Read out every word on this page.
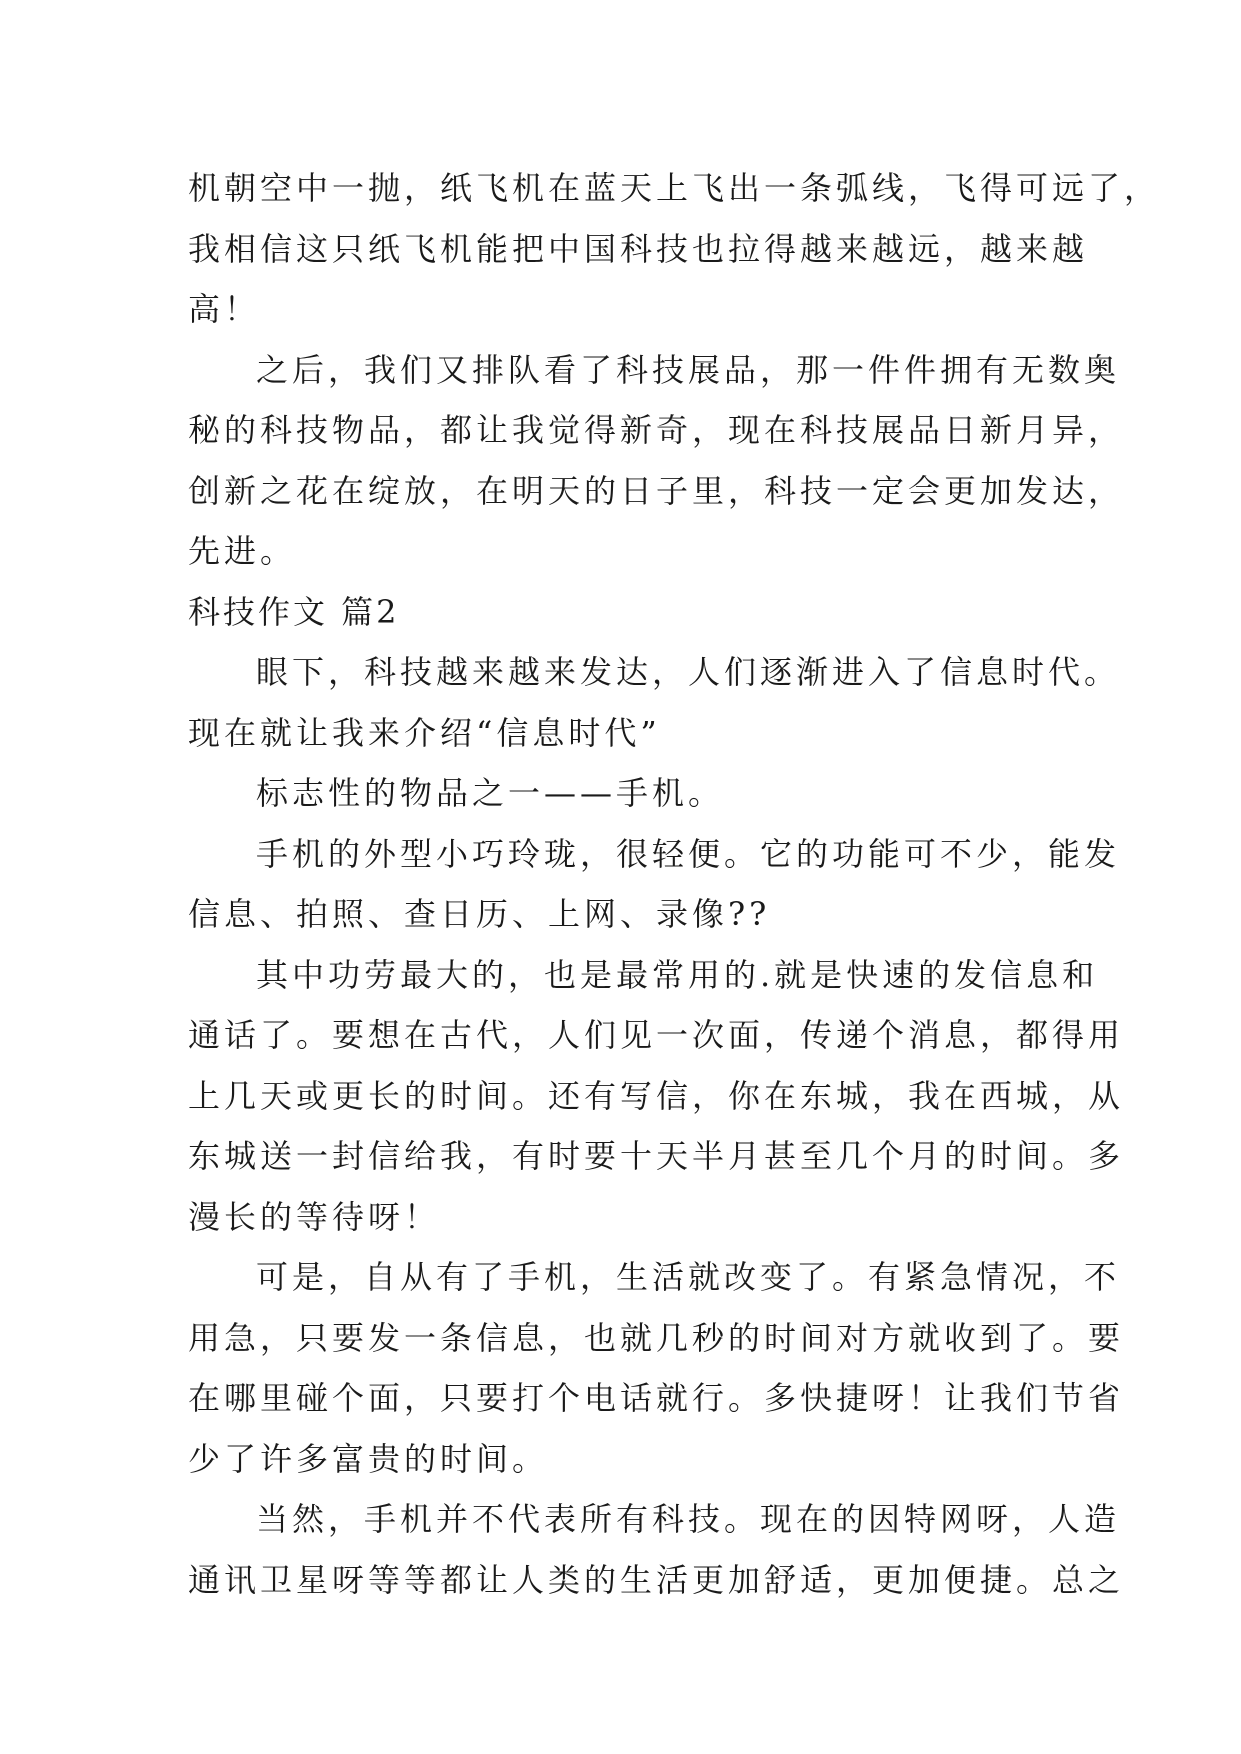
机朝空中一抛，纸飞机在蓝天上飞出一条弧线，飞得可远了，
我相信这只纸飞机能把中国科技也拉得越来越远，越来越
高！
之后，我们又排队看了科技展品，那一件件拥有无数奥
秘的科技物品，都让我觉得新奇，现在科技展品日新月异，
创新之花在绽放，在明天的日子里，科技一定会更加发达，
先进。
科技作文 篇2
眼下，科技越来越来发达，人们逐渐进入了信息时代。
现在就让我来介绍“信息时代”
标志性的物品之一——手机。
手机的外型小巧玲珑，很轻便。它的功能可不少，能发
信息、拍照、查日历、上网、录像??
其中功劳最大的，也是最常用的.就是快速的发信息和
通话了。要想在古代，人们见一次面，传递个消息，都得用
上几天或更长的时间。还有写信，你在东城，我在西城，从
东城送一封信给我，有时要十天半月甚至几个月的时间。多
漫长的等待呀！
可是，自从有了手机，生活就改变了。有紧急情况，不
用急，只要发一条信息，也就几秒的时间对方就收到了。要
在哪里碰个面，只要打个电话就行。多快捷呀！让我们节省
少了许多富贵的时间。
当然，手机并不代表所有科技。现在的因特网呀，人造
通讯卫星呀等等都让人类的生活更加舒适，更加便捷。总之
